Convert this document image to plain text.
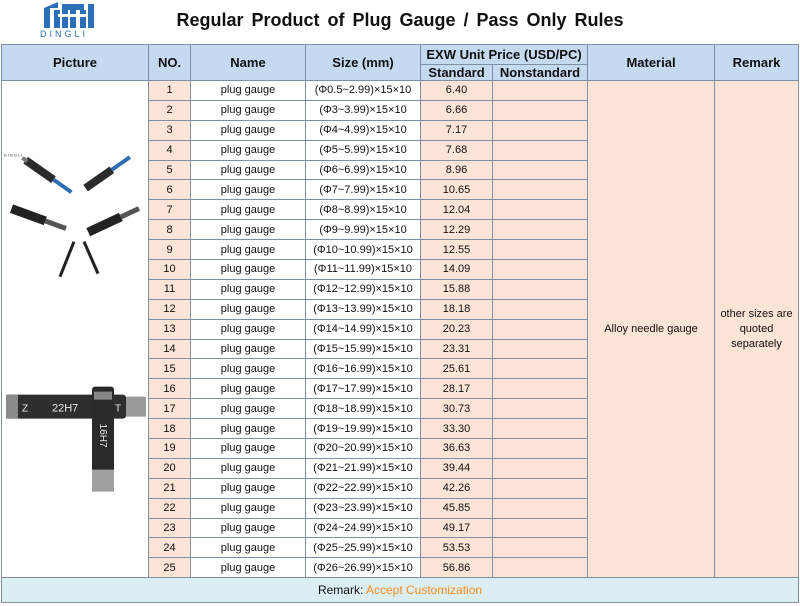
DINGLI
Regular Product of Plug Gauge / Pass Only Rules
Picture	NO.	Name	Size (mm)	EXW Unit Price (USD/PC)		Material	Remark
				Standard	Nonstandard		

DINGLI
22H7
Z T
16H7	1	plug gauge	(Φ0.5~2.99)×15×10	6.40		Alloy needle gauge	other sizes are quoted separately
	2	plug gauge	(Φ3~3.99)×15×10	6.66			
	3	plug gauge	(Φ4~4.99)×15×10	7.17			
	4	plug gauge	(Φ5~5.99)×15×10	7.68			
	5	plug gauge	(Φ6~6.99)×15×10	8.96			
	6	plug gauge	(Φ7~7.99)×15×10	10.65			
	7	plug gauge	(Φ8~8.99)×15×10	12.04			
	8	plug gauge	(Φ9~9.99)×15×10	12.29			
	9	plug gauge	(Φ10~10.99)×15×10	12.55			
	10	plug gauge	(Φ11~11.99)×15×10	14.09			
	11	plug gauge	(Φ12~12.99)×15×10	15.88			
	12	plug gauge	(Φ13~13.99)×15×10	18.18			
	13	plug gauge	(Φ14~14.99)×15×10	20.23			
	14	plug gauge	(Φ15~15.99)×15×10	23.31			
	15	plug gauge	(Φ16~16.99)×15×10	25.61			
	16	plug gauge	(Φ17~17.99)×15×10	28.17			
	17	plug gauge	(Φ18~18.99)×15×10	30.73			
	18	plug gauge	(Φ19~19.99)×15×10	33.30			
	19	plug gauge	(Φ20~20.99)×15×10	36.63			
	20	plug gauge	(Φ21~21.99)×15×10	39.44			
	21	plug gauge	(Φ22~22.99)×15×10	42.26			
	22	plug gauge	(Φ23~23.99)×15×10	45.85			
	23	plug gauge	(Φ24~24.99)×15×10	49.17			
	24	plug gauge	(Φ25~25.99)×15×10	53.53			
	25	plug gauge	(Φ26~26.99)×15×10	56.86			
Remark: Accept Customization							
